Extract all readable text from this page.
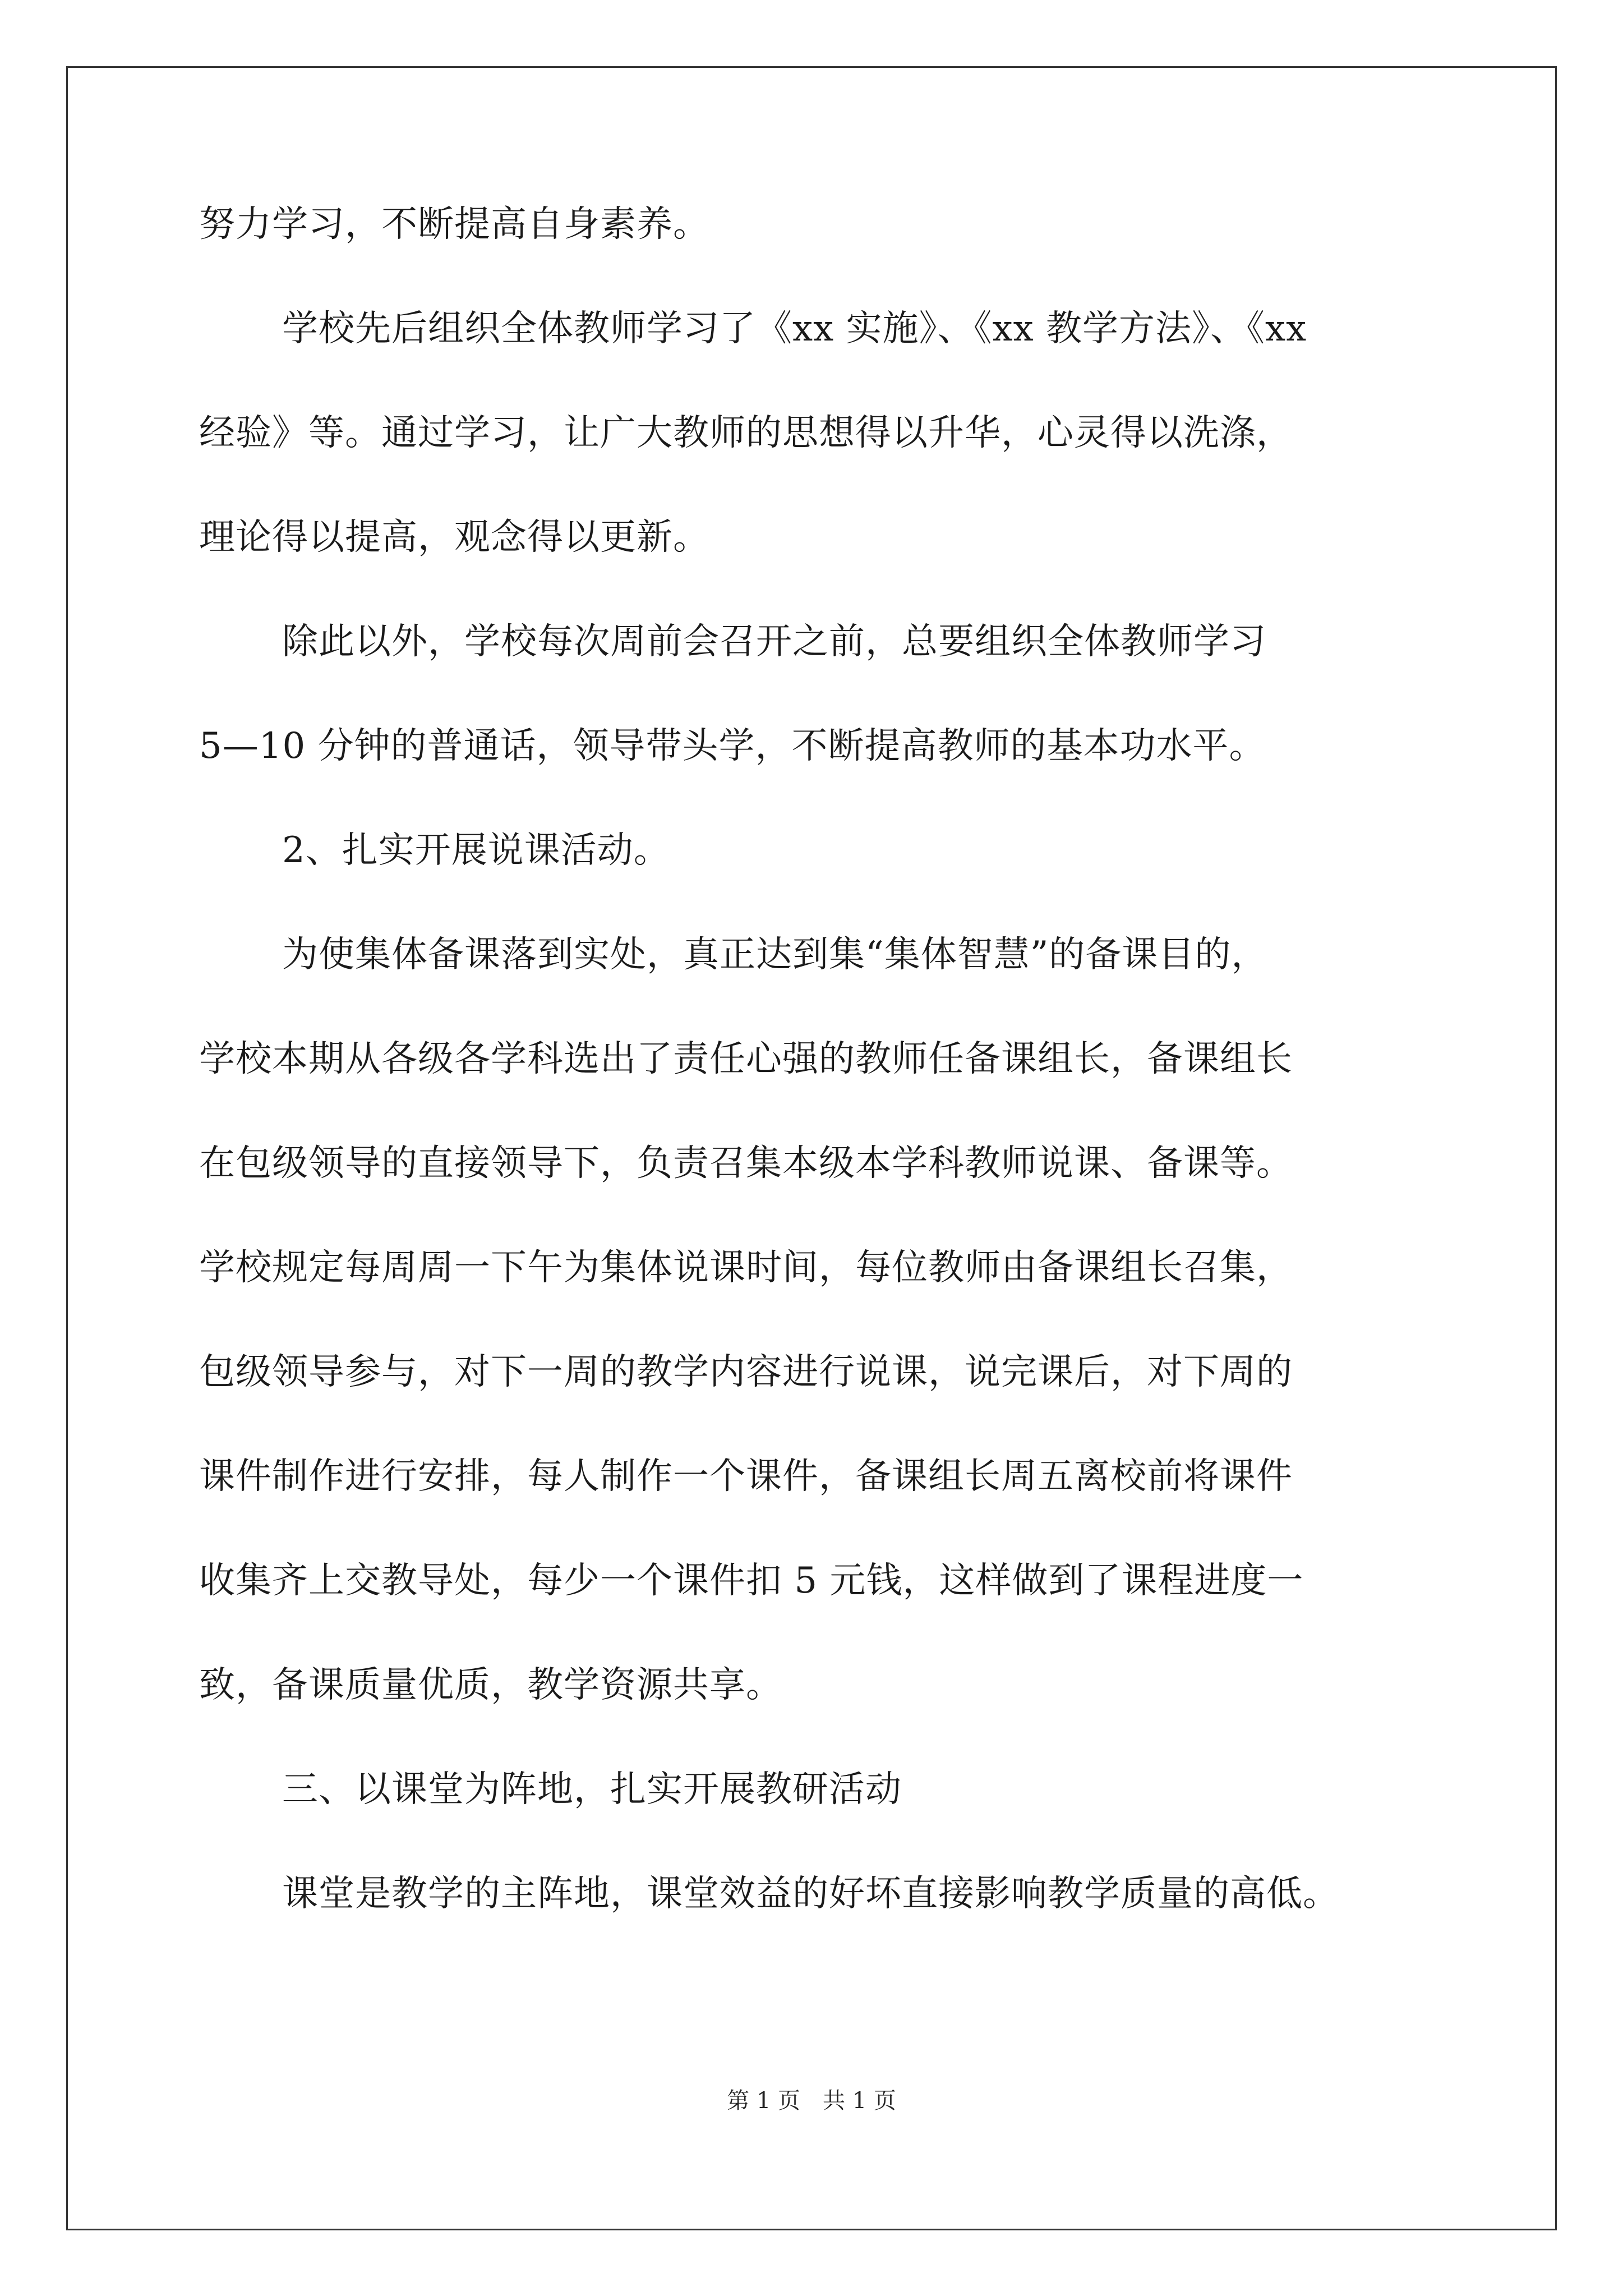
努力学习，不断提高自身素养。
学校先后组织全体教师学习了《xx 实施》、《xx 教学方法》、《xx
经验》等。通过学习，让广大教师的思想得以升华，心灵得以洗涤，
理论得以提高，观念得以更新。
除此以外，学校每次周前会召开之前，总要组织全体教师学习
5—10 分钟的普通话，领导带头学，不断提高教师的基本功水平。
2、扎实开展说课活动。
为使集体备课落到实处，真正达到集“集体智慧”的备课目的，
学校本期从各级各学科选出了责任心强的教师任备课组长，备课组长
在包级领导的直接领导下，负责召集本级本学科教师说课、备课等。
学校规定每周周一下午为集体说课时间，每位教师由备课组长召集，
包级领导参与，对下一周的教学内容进行说课，说完课后，对下周的
课件制作进行安排，每人制作一个课件，备课组长周五离校前将课件
收集齐上交教导处，每少一个课件扣 5 元钱，这样做到了课程进度一
致，备课质量优质，教学资源共享。
三、以课堂为阵地，扎实开展教研活动
课堂是教学的主阵地，课堂效益的好坏直接影响教学质量的高低。
第 1 页　共 1 页
